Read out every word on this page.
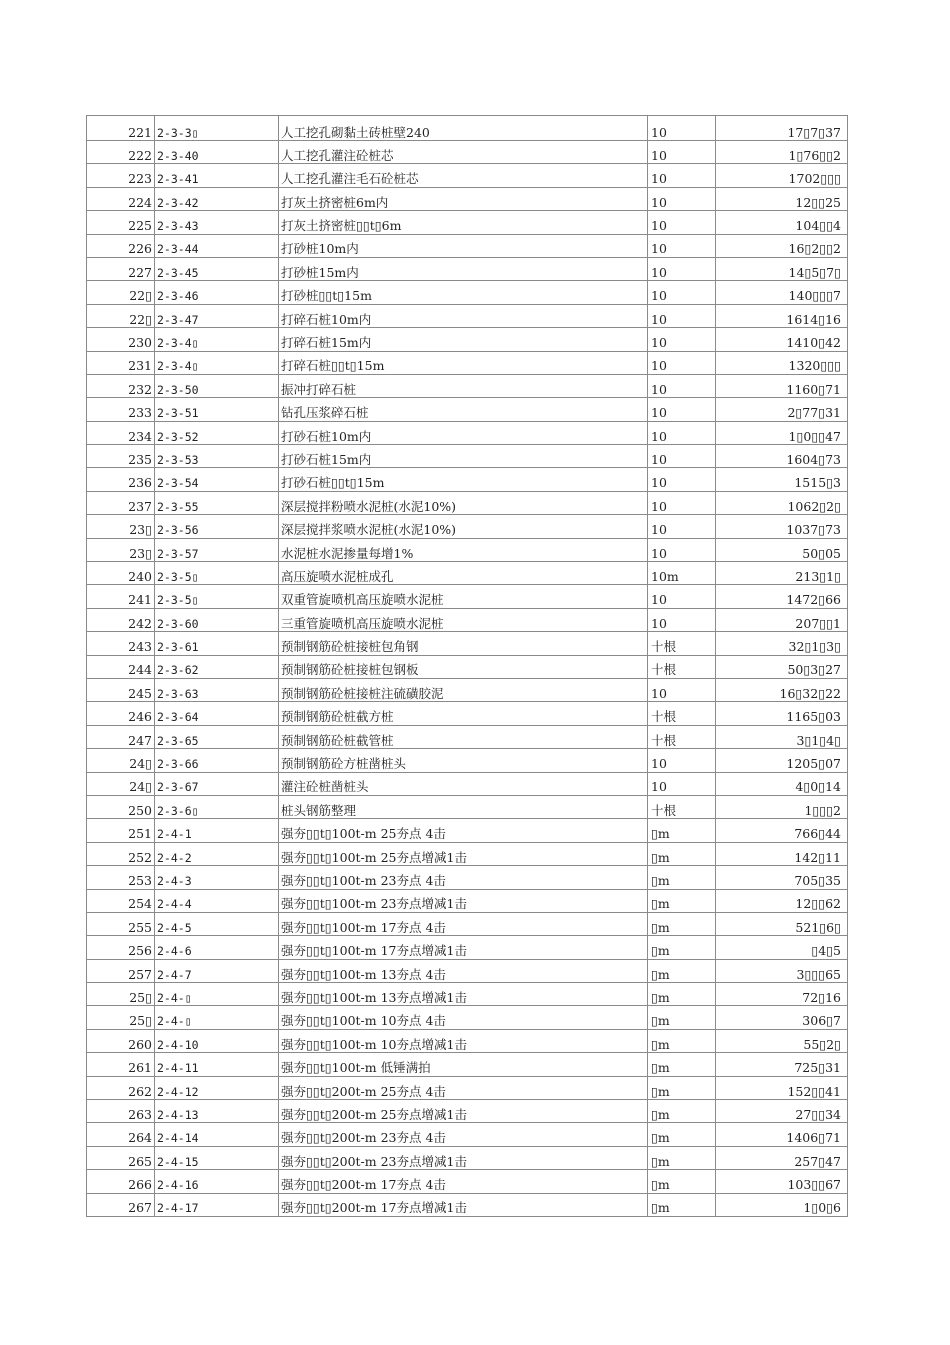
221 2-3-3▯	人工挖孔砌黏土砖桩壁240	10	17▯7▯37
222 2-3-40	人工挖孔灌注砼桩芯	10	1▯76▯▯2
223 2-3-41	人工挖孔灌注毛石砼桩芯	10	1702▯▯▯
224 2-3-42	打灰土挤密桩6m内	10	12▯▯25
225 2-3-43	打灰土挤密桩▯▯t▯6m	10	104▯▯4
226 2-3-44	打砂桩10m内	10	16▯2▯▯2
227 2-3-45	打砂桩15m内	10	14▯5▯7▯
22▯ 2-3-46	打砂桩▯▯t▯15m	10	140▯▯▯7
22▯ 2-3-47	打碎石桩10m内	10	1614▯16
230 2-3-4▯	打碎石桩15m内	10	1410▯42
231 2-3-4▯	打碎石桩▯▯t▯15m	10	1320▯▯▯
232 2-3-50	振冲打碎石桩	10	1160▯71
233 2-3-51	钻孔压浆碎石桩	10	2▯77▯31
234 2-3-52	打砂石桩10m内	10	1▯0▯▯47
235 2-3-53	打砂石桩15m内	10	1604▯73
236 2-3-54	打砂石桩▯▯t▯15m	10	1515▯3
237 2-3-55	深层搅拌粉喷水泥桩(水泥10%)	10	1062▯2▯
23▯ 2-3-56	深层搅拌浆喷水泥桩(水泥10%)	10	1037▯73
23▯ 2-3-57	水泥桩水泥掺量每增1%	10	50▯05
240 2-3-5▯	高压旋喷水泥桩成孔	10m	213▯1▯
241 2-3-5▯	双重管旋喷机高压旋喷水泥桩	10	1472▯66
242 2-3-60	三重管旋喷机高压旋喷水泥桩	10	207▯▯1
243 2-3-61	预制钢筋砼桩接桩包角钢	十根	32▯1▯3▯
244 2-3-62	预制钢筋砼桩接桩包钢板	十根	50▯3▯27
245 2-3-63	预制钢筋砼桩接桩注硫磺胶泥	10	16▯32▯22
246 2-3-64	预制钢筋砼桩截方桩	十根	1165▯03
247 2-3-65	预制钢筋砼桩截管桩	十根	3▯1▯4▯
24▯ 2-3-66	预制钢筋砼方桩凿桩头	10	1205▯07
24▯ 2-3-67	灌注砼桩凿桩头	10	4▯0▯14
250 2-3-6▯	桩头钢筋整理	十根	1▯▯▯2
251 2-4-1	强夯▯▯t▯100t-m 25夯点 4击	▯m	766▯44
252 2-4-2	强夯▯▯t▯100t-m 25夯点增减1击	▯m	142▯11
253 2-4-3	强夯▯▯t▯100t-m 23夯点 4击	▯m	705▯35
254 2-4-4	强夯▯▯t▯100t-m 23夯点增减1击	▯m	12▯▯62
255 2-4-5	强夯▯▯t▯100t-m 17夯点 4击	▯m	521▯6▯
256 2-4-6	强夯▯▯t▯100t-m 17夯点增减1击	▯m	▯4▯5
257 2-4-7	强夯▯▯t▯100t-m 13夯点 4击	▯m	3▯▯▯65
25▯ 2-4-▯	强夯▯▯t▯100t-m 13夯点增减1击	▯m	72▯16
25▯ 2-4-▯	强夯▯▯t▯100t-m 10夯点 4击	▯m	306▯7
260 2-4-10	强夯▯▯t▯100t-m 10夯点增减1击	▯m	55▯2▯
261 2-4-11	强夯▯▯t▯100t-m 低锤满拍	▯m	725▯31
262 2-4-12	强夯▯▯t▯200t-m 25夯点 4击	▯m	152▯▯41
263 2-4-13	强夯▯▯t▯200t-m 25夯点增减1击	▯m	27▯▯34
264 2-4-14	强夯▯▯t▯200t-m 23夯点 4击	▯m	1406▯71
265 2-4-15	强夯▯▯t▯200t-m 23夯点增减1击	▯m	257▯47
266 2-4-16	强夯▯▯t▯200t-m 17夯点 4击	▯m	103▯▯67
267 2-4-17	强夯▯▯t▯200t-m 17夯点增减1击	▯m	1▯0▯6
